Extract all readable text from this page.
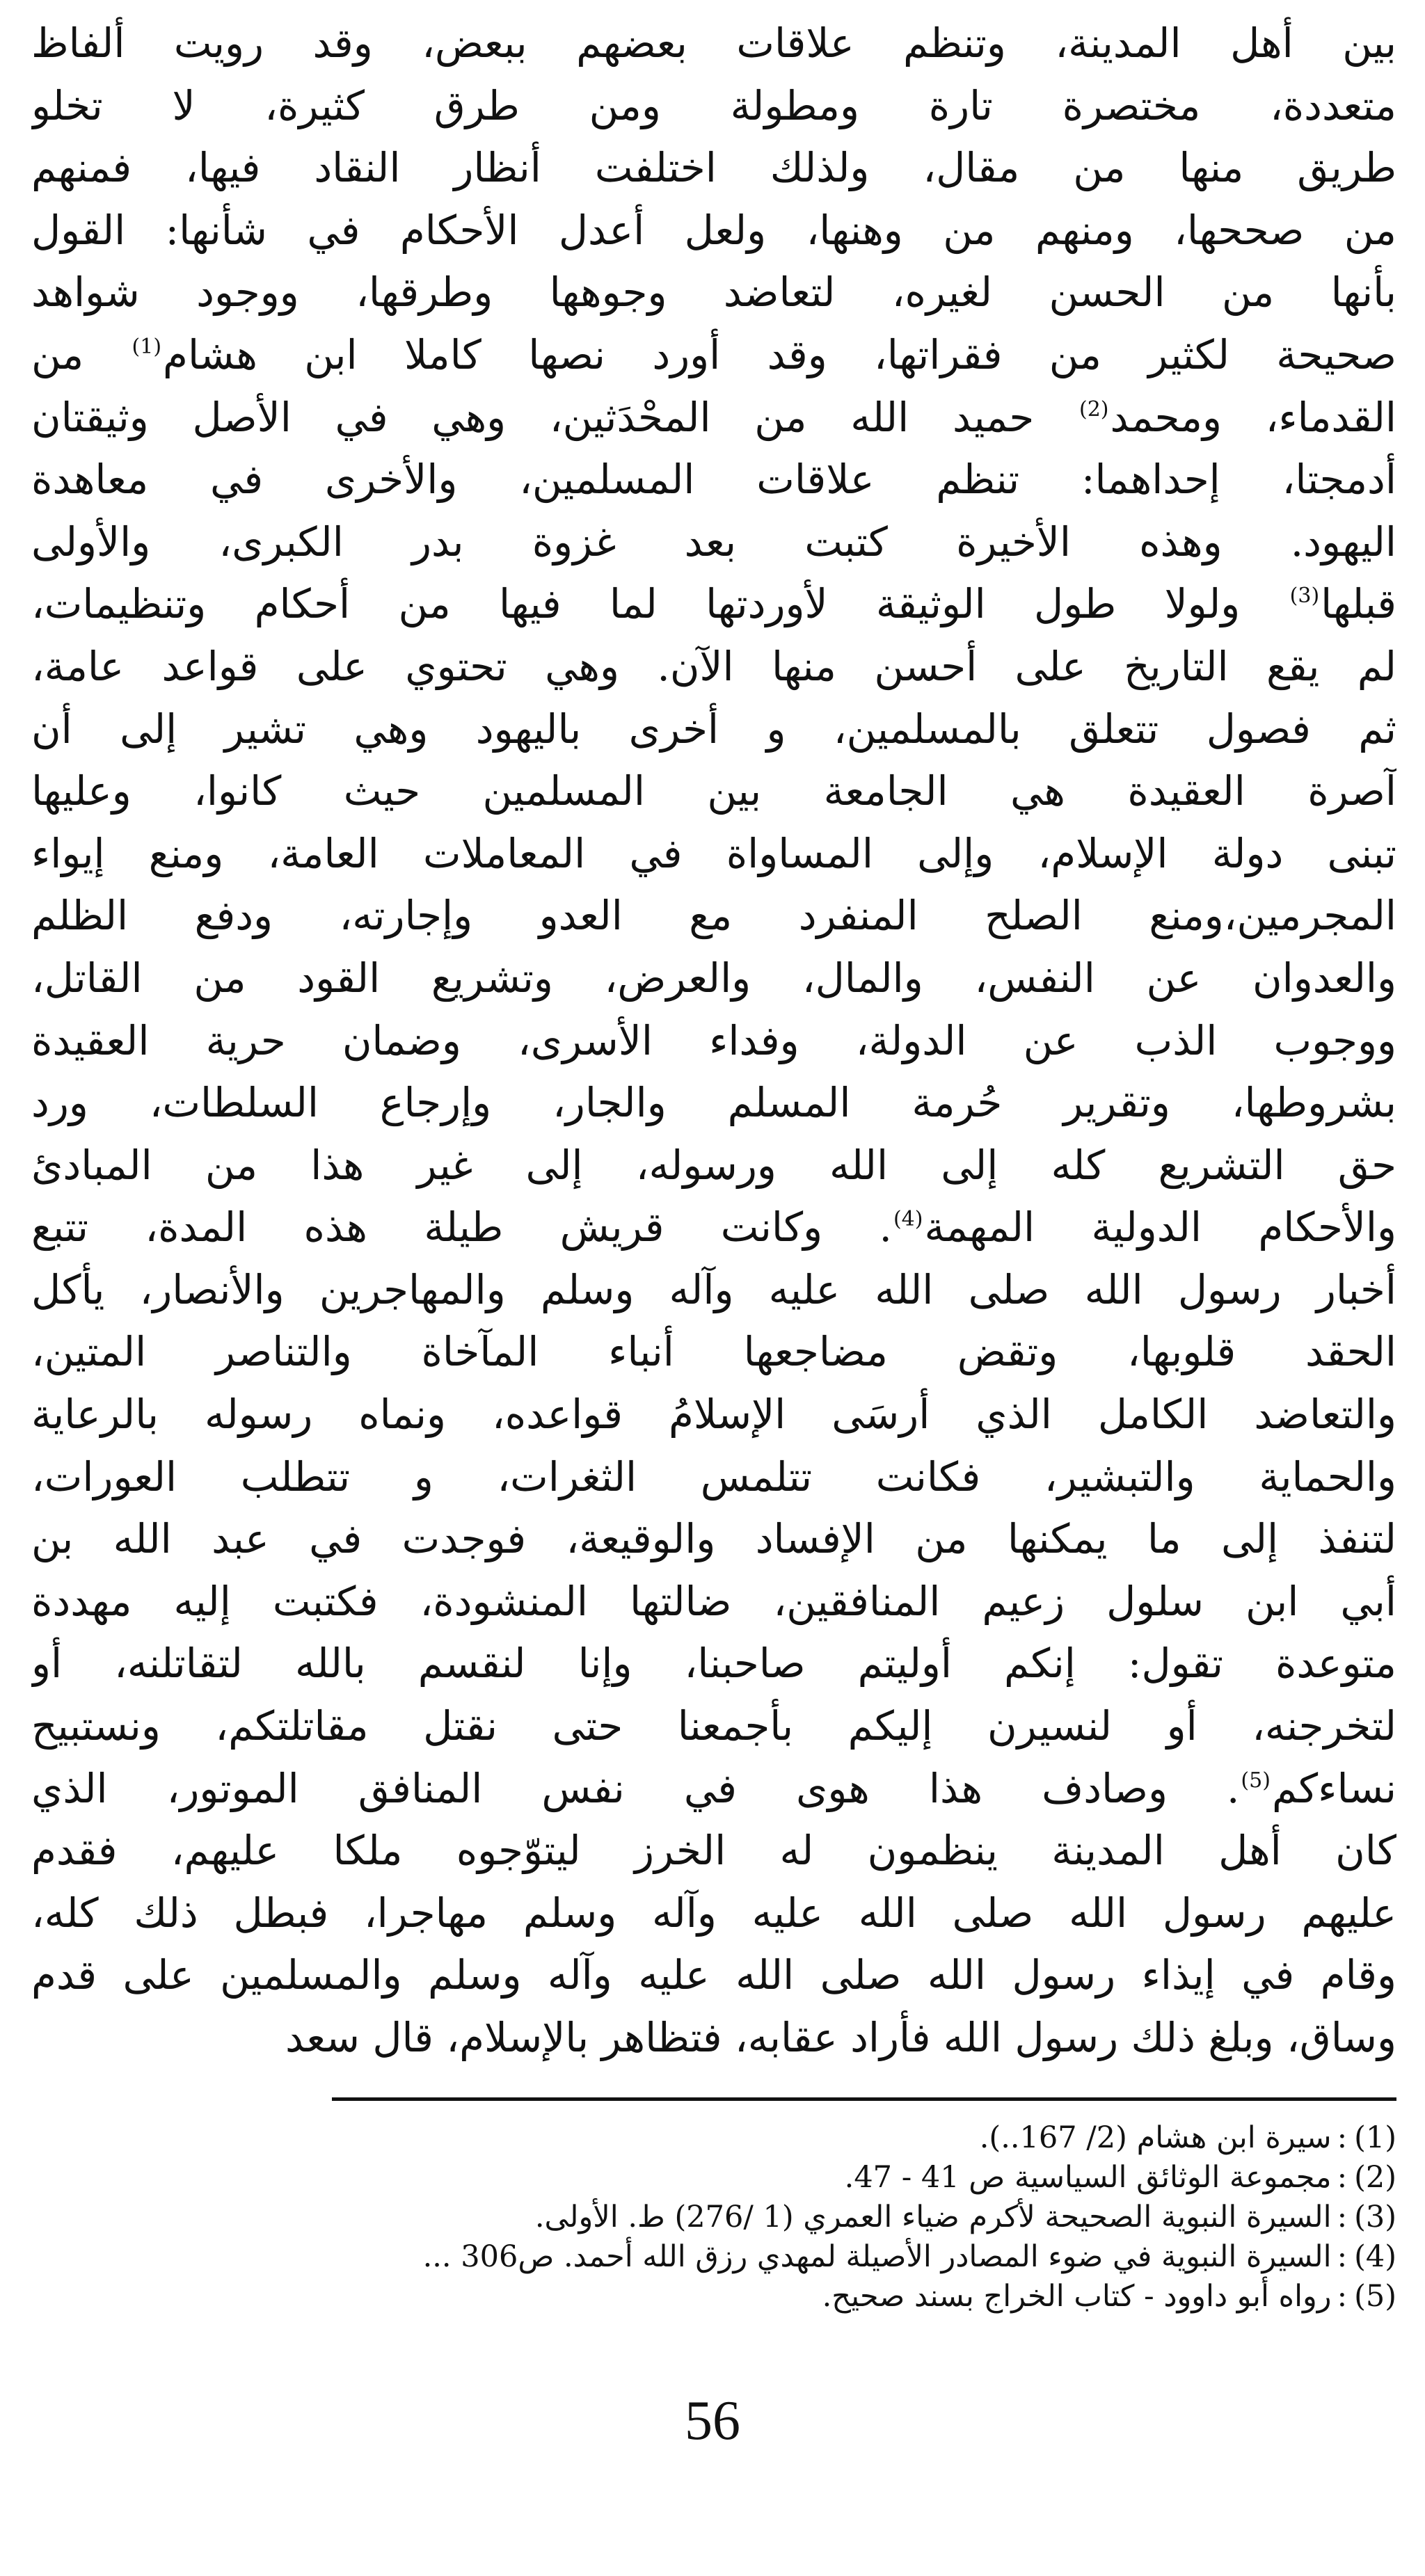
بين أهل المدينة، وتنظم علاقات بعضهم ببعض، وقد رويت ألفاظ
متعددة، مختصرة تارة ومطولة ومن طرق كثيرة، لا تخلو
طريق منها من مقال، ولذلك اختلفت أنظار النقاد فيها، فمنهم
من صححها، ومنهم من وهنها، ولعل أعدل الأحكام في شأنها: القول
بأنها من الحسن لغيره، لتعاضد وجوهها وطرقها، ووجود شواهد
صحيحة لكثير من فقراتها، وقد أورد نصها كاملا ابن هشام$^{(1)}$ من
القدماء، ومحمد$^{(2)}$ حميد الله من المحْدَثين، وهي في الأصل وثيقتان
أدمجتا، إحداهما: تنظم علاقات المسلمين، والأخرى في معاهدة
اليهود. وهذه الأخيرة كتبت بعد غزوة بدر الكبرى، والأولى
قبلها$^{(3)}$ ولولا طول الوثيقة لأوردتها لما فيها من أحكام وتنظيمات،
لم يقع التاريخ على أحسن منها الآن. وهي تحتوي على قواعد عامة،
ثم فصول تتعلق بالمسلمين، و أخرى باليهود وهي تشير إلى أن
آصرة العقيدة هي الجامعة بين المسلمين حيث كانوا، وعليها
تبنى دولة الإسلام، وإلى المساواة في المعاملات العامة، ومنع إيواء
المجرمين،ومنع الصلح المنفرد مع العدو وإجارته، ودفع الظلم
والعدوان عن النفس، والمال، والعرض، وتشريع القود من القاتل،
ووجوب الذب عن الدولة، وفداء الأسرى، وضمان حرية العقيدة
بشروطها، وتقرير حُرمة المسلم والجار، وإرجاع السلطات، ورد
حق التشريع كله إلى الله ورسوله، إلى غير هذا من المبادئ
والأحكام الدولية المهمة$^{(4)}$. وكانت قريش طيلة هذه المدة، تتبع
أخبار رسول الله صلى الله عليه وآله وسلم والمهاجرين والأنصار، يأكل
الحقد قلوبها، وتقض مضاجعها أنباء المآخاة والتناصر المتين،
والتعاضد الكامل الذي أرسَى الإسلامُ قواعده، ونماه رسوله بالرعاية
والحماية والتبشير، فكانت تتلمس الثغرات، و تتطلب العورات،
لتنفذ إلى ما يمكنها من الإفساد والوقيعة، فوجدت في عبد الله بن
أبي ابن سلول زعيم المنافقين، ضالتها المنشودة، فكتبت إليه مهددة
متوعدة تقول: إنكم أوليتم صاحبنا، وإنا لنقسم بالله لتقاتلنه، أو
لتخرجنه، أو لنسيرن إليكم بأجمعنا حتى نقتل مقاتلتكم، ونستبيح
نساءكم$^{(5)}$. وصادف هذا هوى في نفس المنافق الموتور، الذي
كان أهل المدينة ينظمون له الخرز ليتوّجوه ملكا عليهم، فقدم
عليهم رسول الله صلى الله عليه وآله وسلم مهاجرا، فبطل ذلك كله،
وقام في إيذاء رسول الله صلى الله عليه وآله وسلم والمسلمين على قدم
وساق، وبلغ ذلك رسول الله فأراد عقابه، فتظاهر بالإسلام، قال سعد
(1):سيرة ابن هشام (2/ 167..).
(2):مجموعة الوثائق السياسية ص 41 - 47.
(3):السيرة النبوية الصحيحة لأكرم ضياء العمري (1 /276) ط. الأولى.
(4):السيرة النبوية في ضوء المصادر الأصيلة لمهدي رزق الله أحمد. ص306 ...
(5):رواه أبو داوود - كتاب الخراج بسند صحيح.
56
